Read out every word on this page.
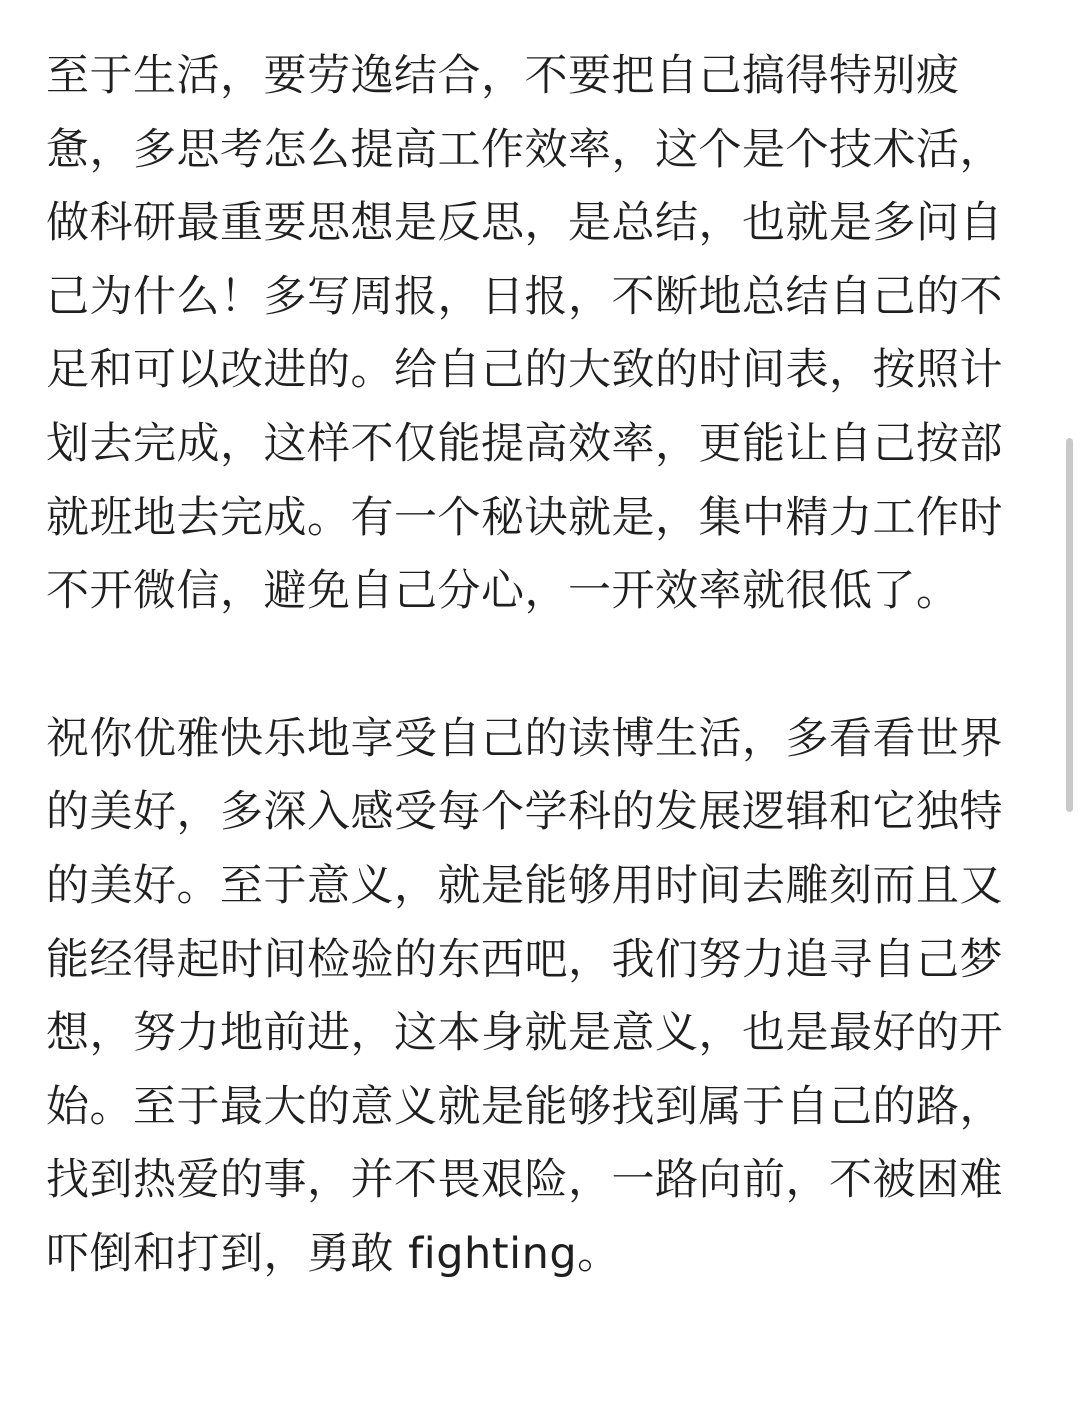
至于生活，要劳逸结合，不要把自己搞得特别疲惫，多思考怎么提高工作效率，这个是个技术活，做科研最重要思想是反思，是总结，也就是多问自己为什么！多写周报，日报，不断地总结自己的不足和可以改进的。给自己的大致的时间表，按照计划去完成，这样不仅能提高效率，更能让自己按部就班地去完成。有一个秘诀就是，集中精力工作时不开微信，避免自己分心，一开效率就很低了。

祝你优雅快乐地享受自己的读博生活，多看看世界的美好，多深入感受每个学科的发展逻辑和它独特的美好。至于意义，就是能够用时间去雕刻而且又能经得起时间检验的东西吧，我们努力追寻自己梦想，努力地前进，这本身就是意义，也是最好的开始。至于最大的意义就是能够找到属于自己的路，找到热爱的事，并不畏艰险，一路向前，不被困难吓倒和打到，勇敢 fighting。
